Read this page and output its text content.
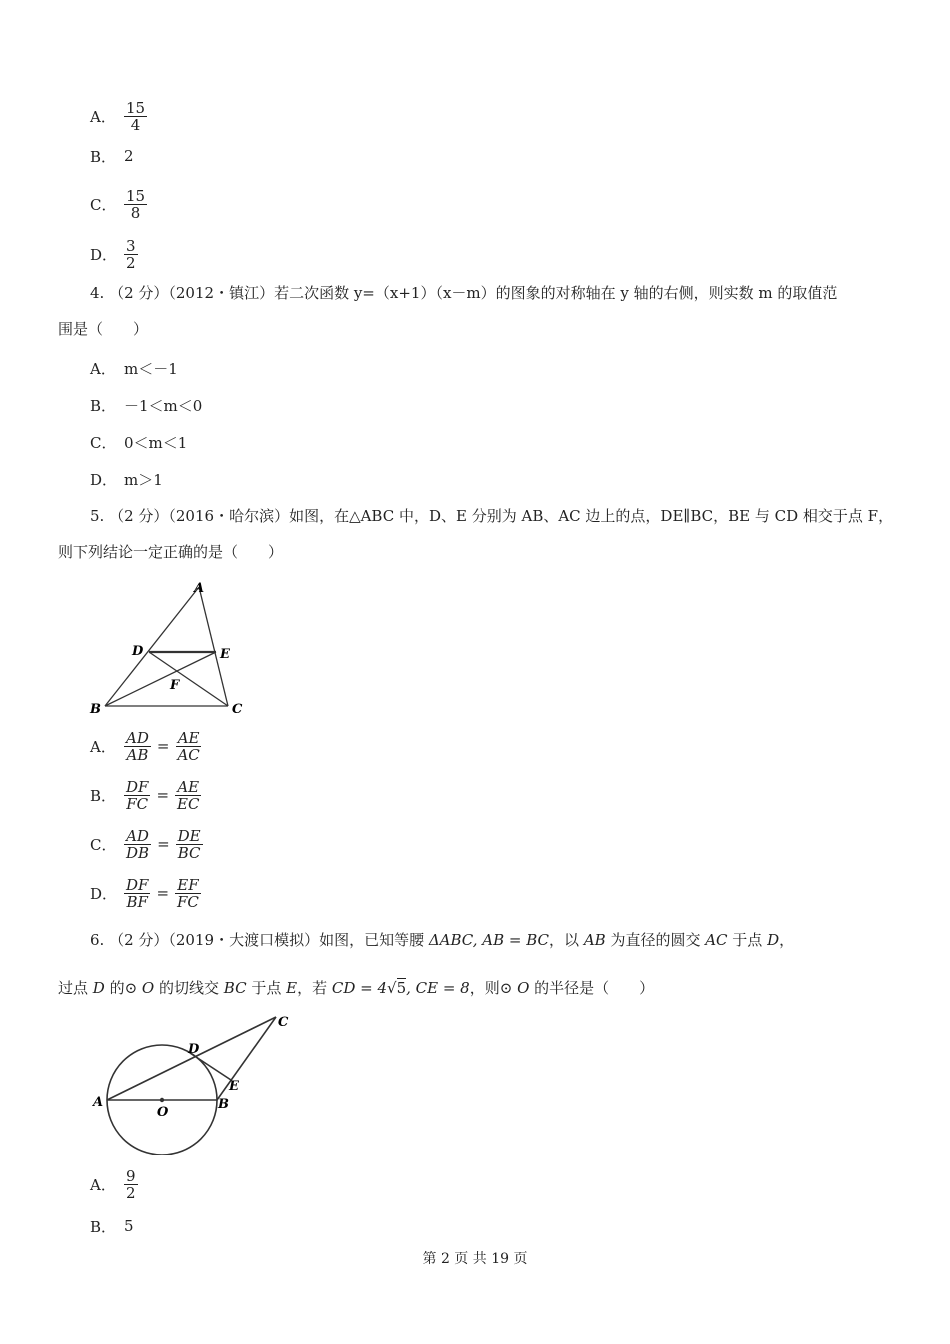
A． $\frac{15}{4}$
B． 2
C． $\frac{15}{8}$
D． $\frac{3}{2}$
4. （2 分）（2012・镇江）若二次函数 y=（x+1）（x－m）的图象的对称轴在 y 轴的右侧，则实数 m 的取值范
围是（　　）
A． m＜－1
B． －1＜m＜0
C． 0＜m＜1
D． m＞1
5. （2 分）（2016・哈尔滨）如图，在△ABC 中，D、E 分别为 AB、AC 边上的点，DE∥BC，BE 与 CD 相交于点 F，
则下列结论一定正确的是（　　）
A
D	E
F
B	C
A． $\frac{AD}{AB} = \frac{AE}{AC}$
B． $\frac{DF}{FC} = \frac{AE}{EC}$
C． $\frac{AD}{DB} = \frac{DE}{BC}$
D． $\frac{DF}{BF} = \frac{EF}{FC}$
6. （2 分）（2019・大渡口模拟）如图，已知等腰 ΔABC, AB = BC，以 AB 为直径的圆交 AC 于点 D，
过点 D 的⊙ O 的切线交 BC 于点 E，若 CD = 4√5, CE = 8，则⊙ O 的半径是（　　）
A	B
C
D
E
O
A． $\frac{9}{2}$
B． 5
第 2 页 共 19 页
